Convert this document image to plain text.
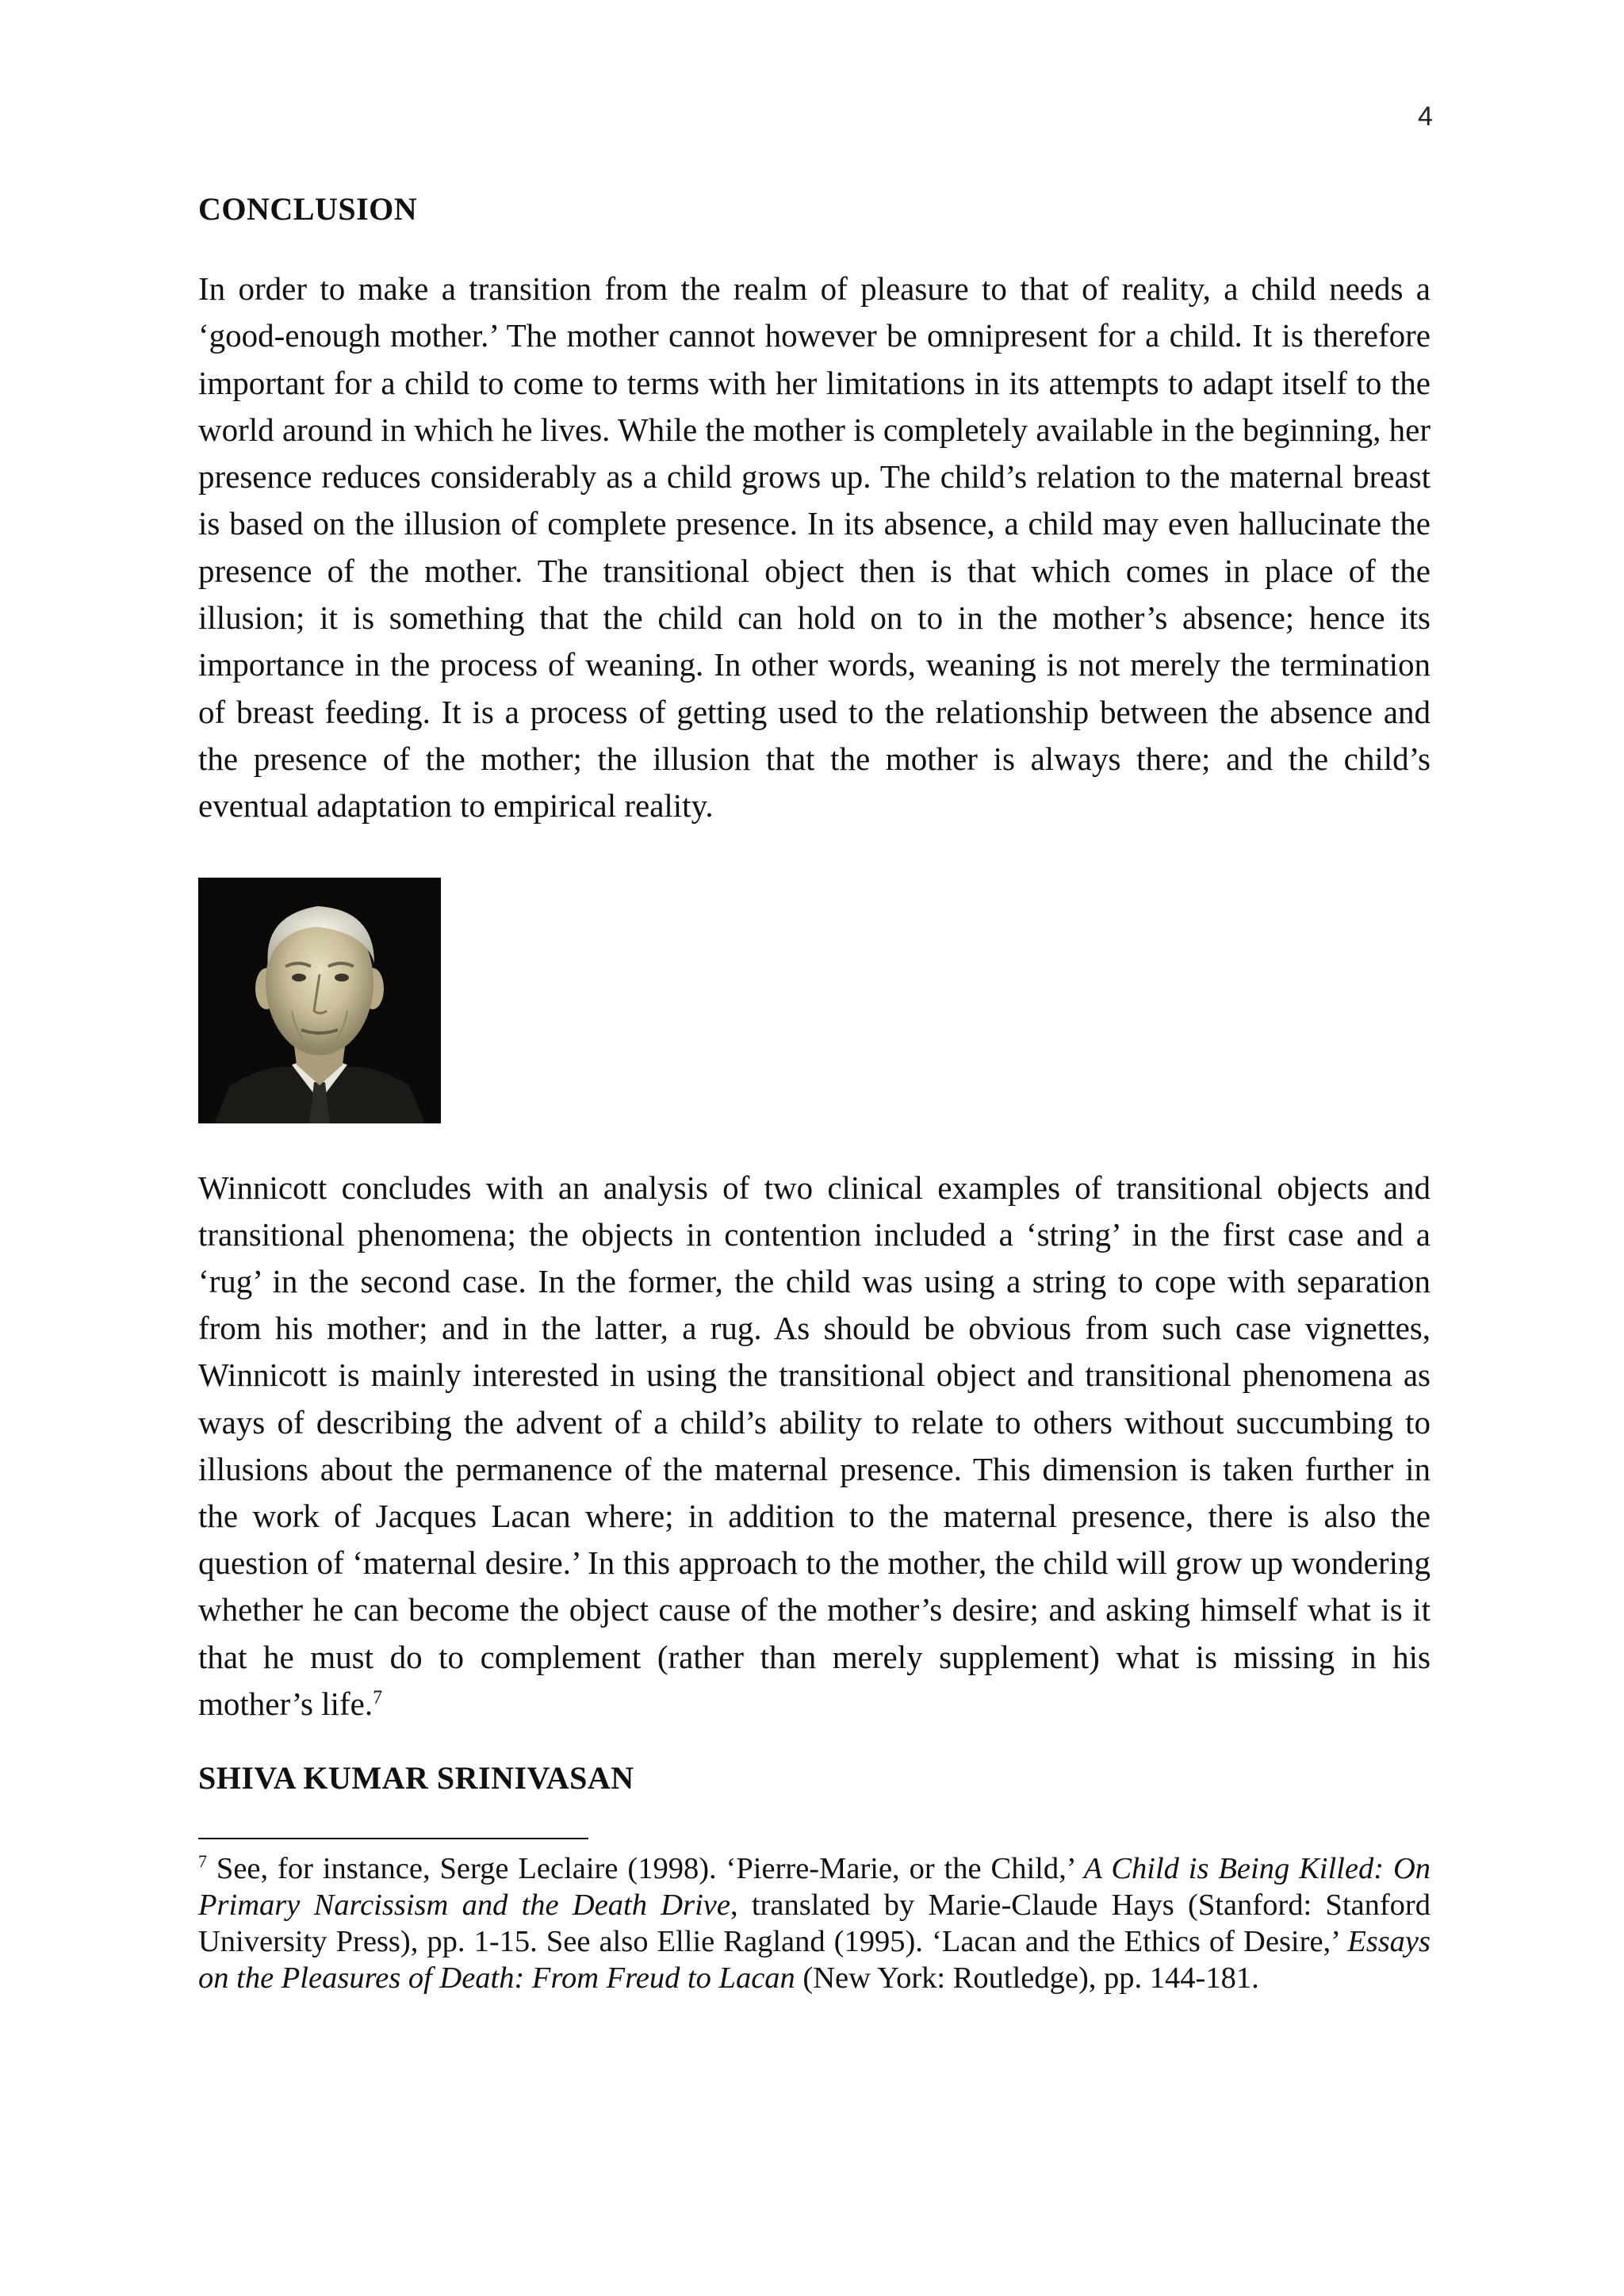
4
CONCLUSION

In order to make a transition from the realm of pleasure to that of reality, a child needs a ‘good-enough mother.’ The mother cannot however be omnipresent for a child. It is therefore important for a child to come to terms with her limitations in its attempts to adapt itself to the world around in which he lives. While the mother is completely available in the beginning, her presence reduces considerably as a child grows up. The child’s relation to the maternal breast is based on the illusion of complete presence. In its absence, a child may even hallucinate the presence of the mother. The transitional object then is that which comes in place of the illusion; it is something that the child can hold on to in the mother’s absence; hence its importance in the process of weaning. In other words, weaning is not merely the termination of breast feeding. It is a process of getting used to the relationship between the absence and the presence of the mother; the illusion that the mother is always there; and the child’s eventual adaptation to empirical reality.

Winnicott concludes with an analysis of two clinical examples of transitional objects and transitional phenomena; the objects in contention included a ‘string’ in the first case and a ‘rug’ in the second case. In the former, the child was using a string to cope with separation from his mother; and in the latter, a rug. As should be obvious from such case vignettes, Winnicott is mainly interested in using the transitional object and transitional phenomena as ways of describing the advent of a child’s ability to relate to others without succumbing to illusions about the permanence of the maternal presence. This dimension is taken further in the work of Jacques Lacan where; in addition to the maternal presence, there is also the question of ‘maternal desire.’ In this approach to the mother, the child will grow up wondering whether he can become the object cause of the mother’s desire; and asking himself what is it that he must do to complement (rather than merely supplement) what is missing in his mother’s life.$^7$

SHIVA KUMAR SRINIVASAN

$^7$ See, for instance, Serge Leclaire (1998). ‘Pierre-Marie, or the Child,’ A Child is Being Killed: On Primary Narcissism and the Death Drive, translated by Marie-Claude Hays (Stanford: Stanford University Press), pp. 1-15. See also Ellie Ragland (1995). ‘Lacan and the Ethics of Desire,’ Essays on the Pleasures of Death: From Freud to Lacan (New York: Routledge), pp. 144-181.
